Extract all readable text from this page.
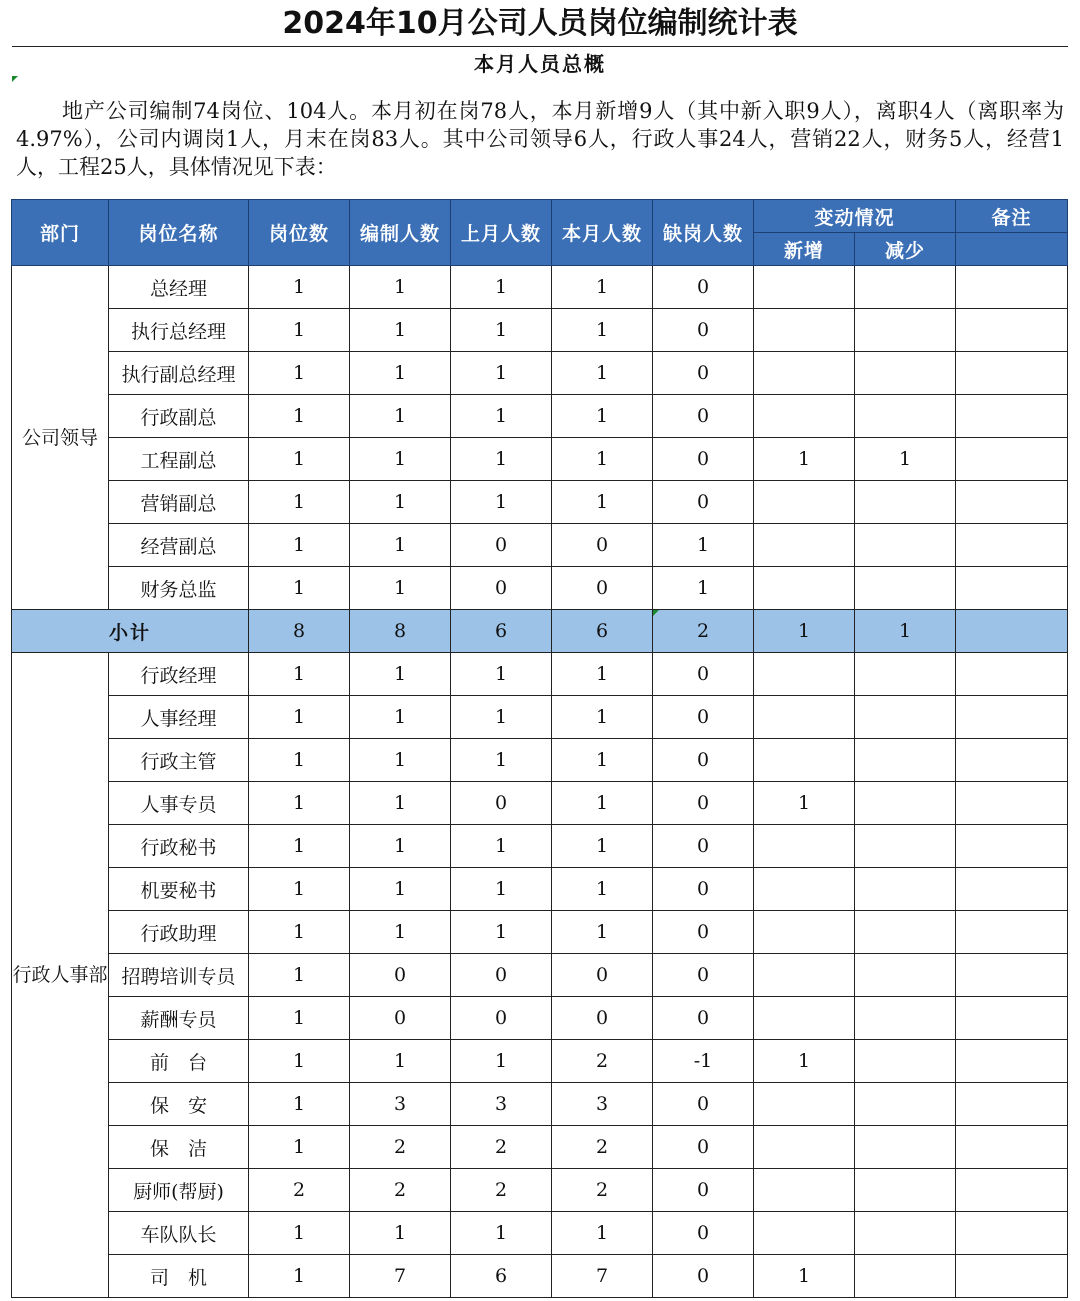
2024年10月公司人员岗位编制统计表
本月人员总概

地产公司编制74岗位、104人。本月初在岗78人，本月新增9人（其中新入职9人），离职4人（离职率为4.97%），公司内调岗1人，月末在岗83人。其中公司领导6人，行政人事24人，营销22人，财务5人，经营1人，工程25人，具体情况见下表：

部门	岗位名称	岗位数	编制人数	上月人数	本月人数	缺岗人数	变动情况		备注
							新增	减少	
公司领导	总经理	1	1	1	1	0			
	执行总经理	1	1	1	1	0			
	执行副总经理	1	1	1	1	0			
	行政副总	1	1	1	1	0			
	工程副总	1	1	1	1	0	1	1	
	营销副总	1	1	1	1	0			
	经营副总	1	1	0	0	1			
	财务总监	1	1	0	0	1			
小计		8	8	6	6	2	1	1	
行政人事部	行政经理	1	1	1	1	0			
	人事经理	1	1	1	1	0			
	行政主管	1	1	1	1	0			
	人事专员	1	1	0	1	0	1		
	行政秘书	1	1	1	1	0			
	机要秘书	1	1	1	1	0			
	行政助理	1	1	1	1	0			
	招聘培训专员	1	0	0	0	0			
	薪酬专员	1	0	0	0	0			
	前　台	1	1	1	2	-1	1		
	保　安	1	3	3	3	0			
	保　洁	1	2	2	2	0			
	厨师(帮厨)	2	2	2	2	0			
	车队队长	1	1	1	1	0			
	司　机	1	7	6	7	0	1		
